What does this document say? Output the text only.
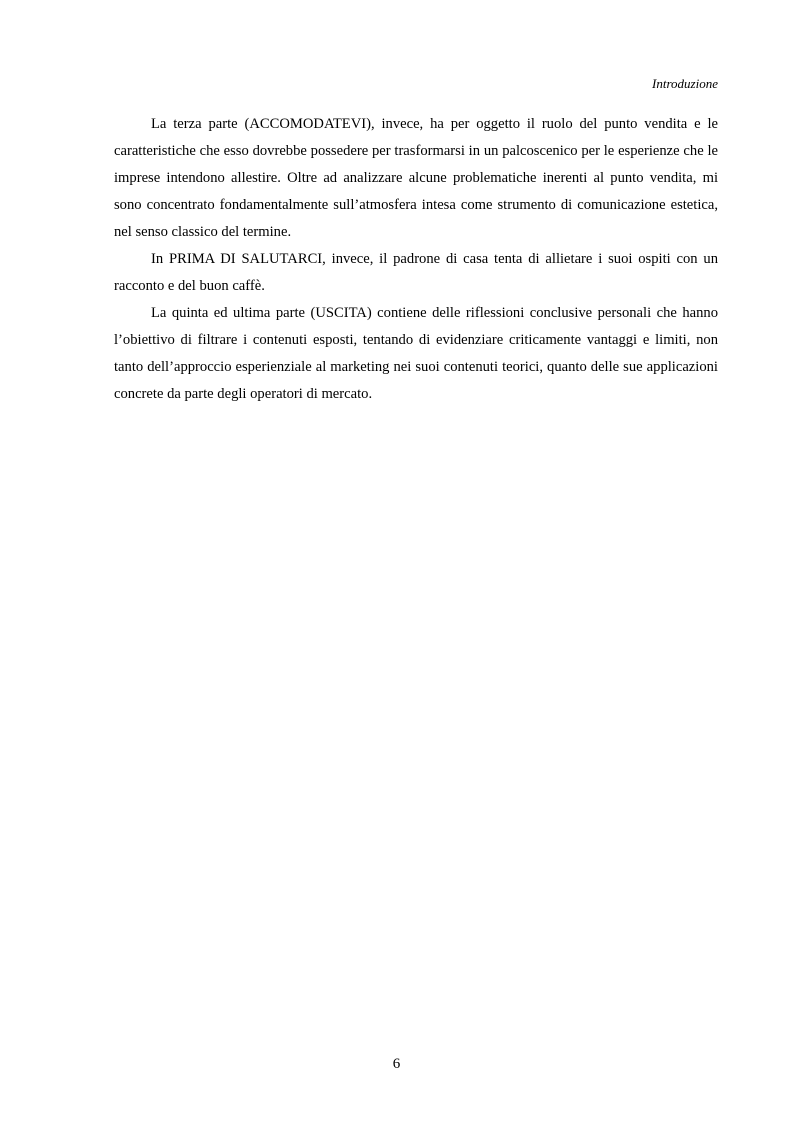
Introduzione

La terza parte (ACCOMODATEVI), invece, ha per oggetto il ruolo del punto vendita e le caratteristiche che esso dovrebbe possedere per trasformarsi in un palcoscenico per le esperienze che le imprese intendono allestire. Oltre ad analizzare alcune problematiche inerenti al punto vendita, mi sono concentrato fondamentalmente sull’atmosfera intesa come strumento di comunicazione estetica, nel senso classico del termine.

In PRIMA DI SALUTARCI, invece, il padrone di casa tenta di allietare i suoi ospiti con un racconto e del buon caffè.

La quinta ed ultima parte (USCITA) contiene delle riflessioni conclusive personali che hanno l’obiettivo di filtrare i contenuti esposti, tentando di evidenziare criticamente vantaggi e limiti, non tanto dell’approccio esperienziale al marketing nei suoi contenuti teorici, quanto delle sue applicazioni concrete da parte degli operatori di mercato.

6
